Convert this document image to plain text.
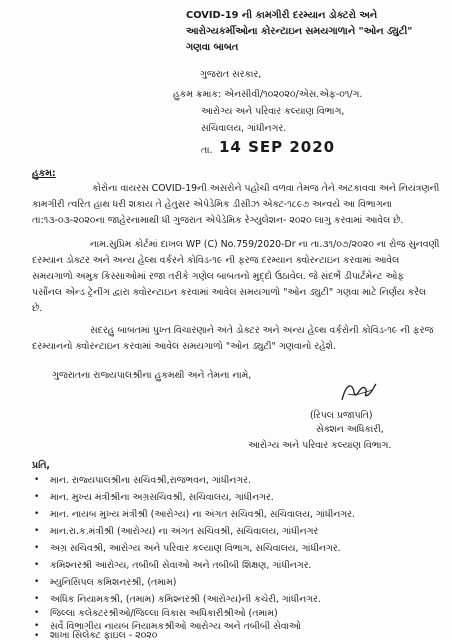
COVID-19 ની કામગીરી દરમ્યાન ડોક્ટરો અને
આરોગ્યકર્મીઓના કોરન્ટાઇન સમયગાળાને "ઓન ડ્યુટી"
ગણવા બાબત
ગુજરાત સરકાર,
હુકમ ક્રમાંક: એનસીવી/૧૦૨૦૨૦/એસ.એફ-૦૧/ગ.
આરોગ્ય અને પરિવાર કલ્યાણ વિભાગ,
સચિવાલય, ગાંધીનગર.
તા. 14 SEP 2020
હુકમ:
કોરોના વાયરસ COVID-19ની અસરોને પહોંચી વળવા તેમજ તેને અટકાવવા અને નિયંત્રણની
કામગીરી ત્વરિત હાથ ધરી શકાય તે હેતુસર એપેડેમિક ડીસીઝ એક્ટ-૧૮૯૭ અન્વયે આ વિભાગના
તા:૧૩-૦૩-૨૦૨૦ના જાહેરનામાથી ધી ગુજરાત એપેડેમિક રેગ્યુલેશન- ૨૦૨૦ લાગુ કરવામાં આવેલ છે.
નામ.સુપ્રિમ કોર્ટમાં દાખલ WP (C) No.759/2020-Dr ના તા.૩૧/૦૭/૨૦૨૦ ના રોજ સુનવણી
દરમ્યાન ડોક્ટર અને અન્ય હેલ્થ વર્કરને કોવિડ-૧૯ ની ફરજ દરમ્યાન ક્વોરન્ટાઇન કરવામાં આવેલ
સમયગાળો અમુક કિસ્સાઓમાં રજા તરીકે ગણેલ બાબતનો મુદ્દો ઉઠાવેલ. જે સંદર્ભે ડીપાર્ટમેન્ટ ઓફ
પર્સોનલ એન્ડ ટ્રેનીંગ દ્વારા ક્વોરન્ટાઇન કરવામાં આવેલ સમયગાળો "ઓન ડ્યુટી" ગણવા માટે નિર્ણય કરેલ
છે.
સદરહુ બાબતમાં પુખ્ત વિચારણાને અંતે ડોક્ટર અને અન્ય હેલ્થ વર્કરોની કોવિડ-૧૯ ની ફરજ
દરમ્યાનનો ક્વોરન્ટાઇન કરવામાં આવેલ સમયગાળો "ઓન ડ્યુટી" ગણવાનો રહેશે.
ગુજરાતના રાજ્યપાલશ્રીના હુકમથી અને તેમના નામે,
(રિપલ પ્રજાપતિ)
સેક્શન અધિકારી,
આરોગ્ય અને પરિવાર કલ્યાણ વિભાગ.
પ્રતિ,
• માન. રાજ્યપાલશ્રીના સચિવશ્રી,રાજભવન, ગાંધીનગર.
• માન. મુખ્ય મંત્રીશ્રીના અગ્રસચિવશ્રી, સચિવાલય, ગાંધીનગર.
• માન. નાયબ મુખ્ય મંત્રીશ્રી (આરોગ્ય) ના અંગત સચિવશ્રી, સચિવાલય, ગાંધીનગર.
• માન.રા.ક.મંત્રીશ્રી (આરોગ્ય) ના અંગત સચિવશ્રી, સચિવાલય, ગાંધીનગર
• અગ્ર સચિવશ્રી, આરોગ્ય અને પરિવાર કલ્યાણ વિભાગ, સચિવાલય, ગાંધીનગર.
• કમિશ્નરશ્રી આરોગ્ય, તબીબી સેવાઓ અને તબીબી શિક્ષણ, ગાંધીનગર.
• મ્યુનિસિપલ કમિશનરશ્રી, (તમામ)
• અધિક નિયામકશ્રી, (તમામ) કમિશ્નરશ્રી (આરોગ્ય)ની કચેરી, ગાંધીનગર.
• જિલ્લા કલેક્ટરશ્રીઓ/જિલ્લા વિકાસ અધિકારીશ્રીઓ (તમામ)
• સર્વે વિભાગીય નાયબ નિયામકશ્રીઓ આરોગ્ય અને તબીબી સેવાઓ
• શાખા સિલેક્ટ ફાઇલ - ૨૦૨૦
